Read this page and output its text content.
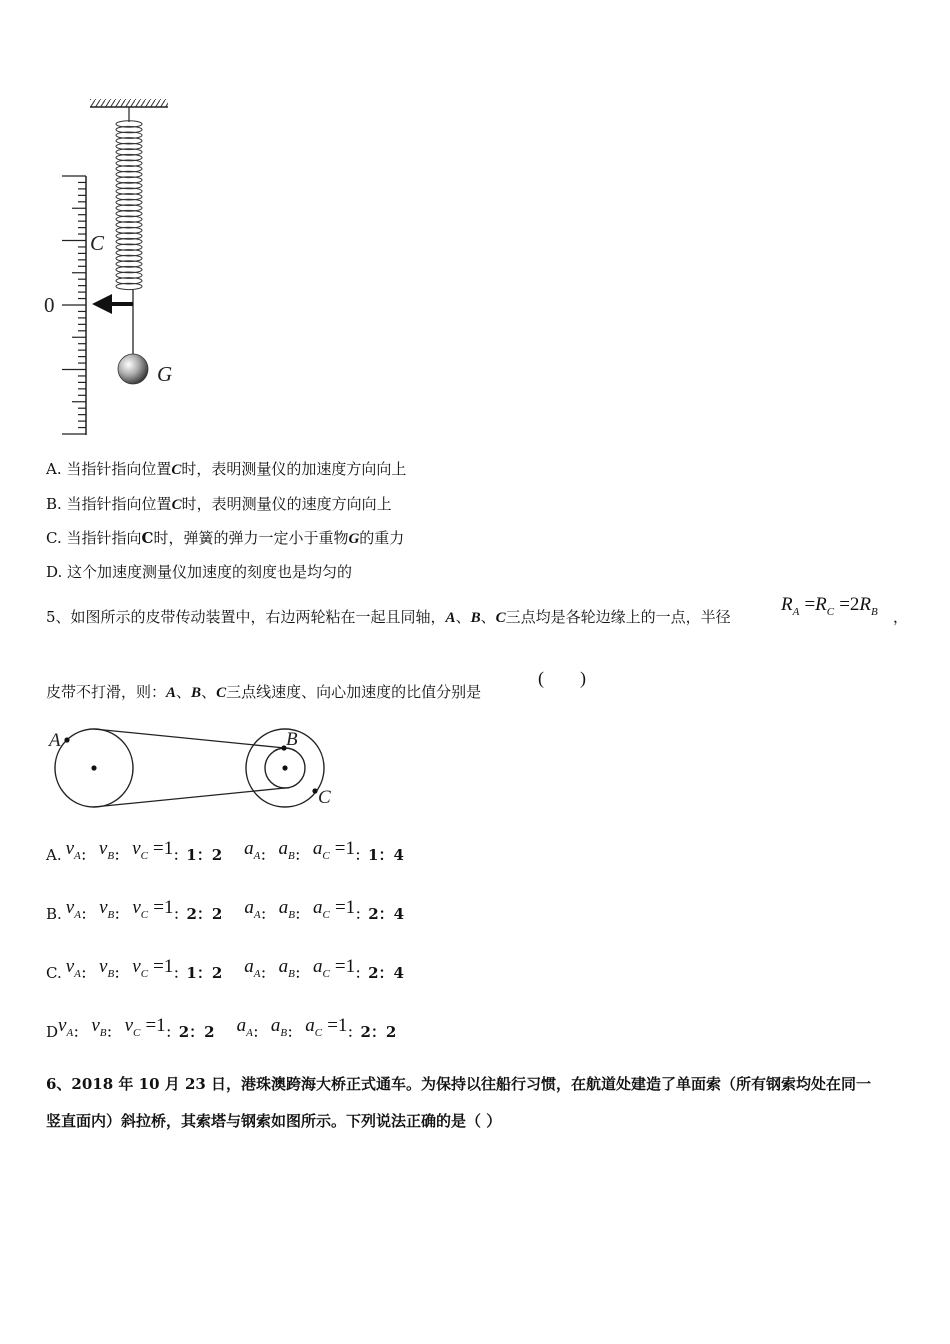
C
0
G
A. 当指针指向位置C时，表明测量仪的加速度方向向上
B. 当指针指向位置C时，表明测量仪的速度方向向上
C. 当指针指向C时，弹簧的弹力一定小于重物G的重力
D. 这个加速度测量仪加速度的刻度也是均匀的
5、如图所示的皮带传动装置中，右边两轮粘在一起且同轴，A、B、C三点均是各轮边缘上的一点，半径
$R_A =R_C =2R_B$ ，
皮带不打滑，则：A、B、C三点线速度、向心加速度的比值分别是
(        )
A	B
C
A. $v_{A:}$ $v_{B:}$ $v_C =1_:1$：2 $a_{A:}$ $a_{B:}$ $a_C =1_:1$：4
B. $v_{A:}$ $v_{B:}$ $v_C =1_:2$：2 $a_{A:}$ $a_{B:}$ $a_C =1_:2$：4
C. $v_{A:}$ $v_{B:}$ $v_C =1_:1$：2 $a_{A:}$ $a_{B:}$ $a_C =1_:2$：4
$Dv_{A:}$ $v_{B:}$ $v_C =1_:2$：2 $a_{A:}$ $a_{B:}$ $a_C =1_:2$：2
6、2018 年 10 月 23 日，港珠澳跨海大桥正式通车。为保持以往船行习惯，在航道处建造了单面索（所有钢索均处在同一
竖直面内）斜拉桥，其索塔与钢索如图所示。下列说法正确的是（ ）
